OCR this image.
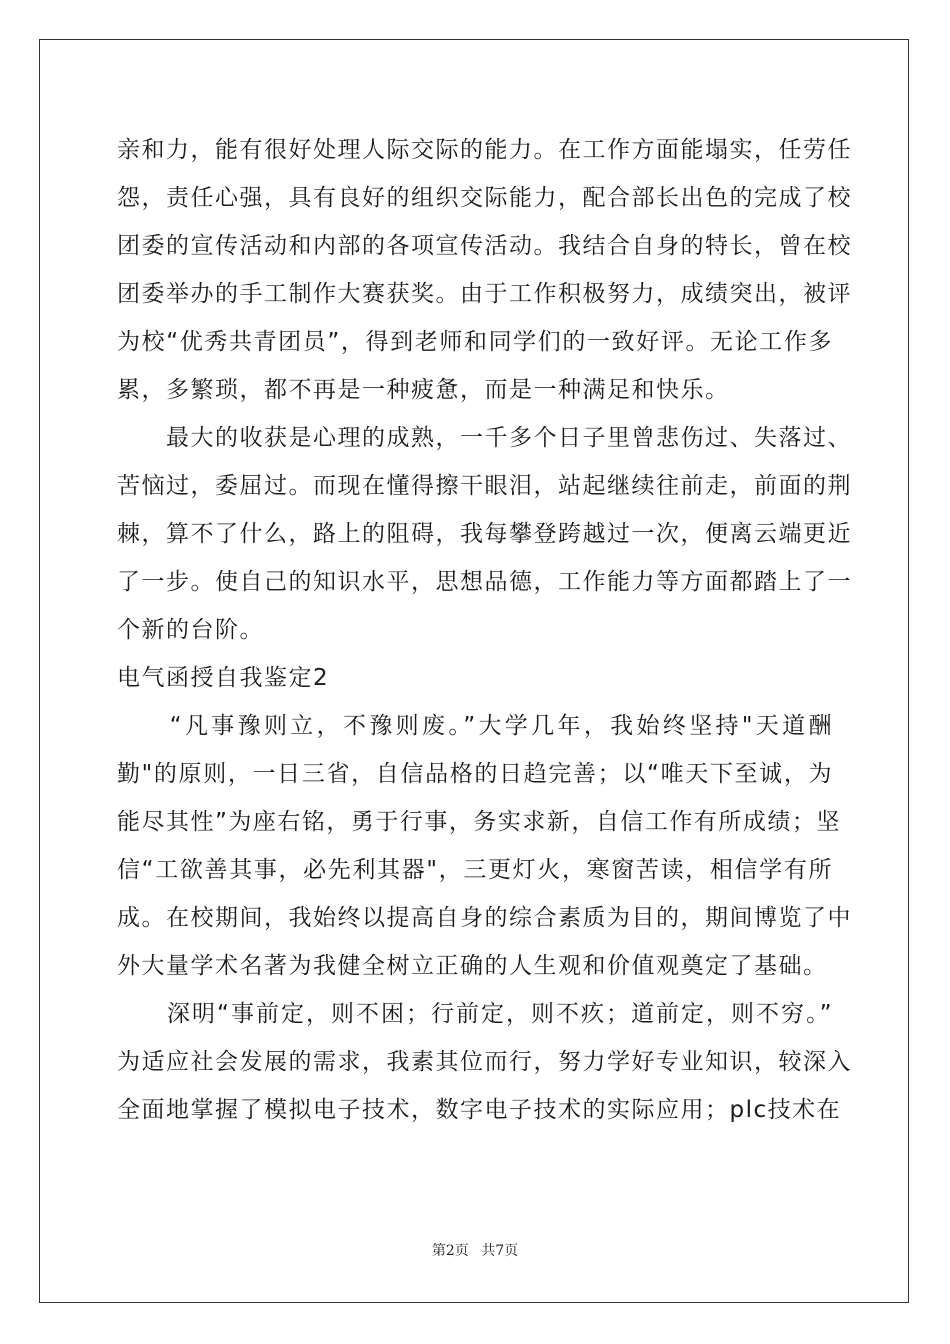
亲和力，能有很好处理人际交际的能力。在工作方面能塌实，任劳任
怨，责任心强，具有良好的组织交际能力，配合部长出色的完成了校
团委的宣传活动和内部的各项宣传活动。我结合自身的特长，曾在校
团委举办的手工制作大赛获奖。由于工作积极努力，成绩突出，被评
为校“优秀共青团员”，得到老师和同学们的一致好评。无论工作多
累，多繁琐，都不再是一种疲惫，而是一种满足和快乐。
　　最大的收获是心理的成熟，一千多个日子里曾悲伤过、失落过、
苦恼过，委屈过。而现在懂得擦干眼泪，站起继续往前走，前面的荆
棘，算不了什么，路上的阻碍，我每攀登跨越过一次，便离云端更近
了一步。使自己的知识水平，思想品德，工作能力等方面都踏上了一
个新的台阶。
电气函授自我鉴定2
　　“凡事豫则立，不豫则废。”大学几年，我始终坚持"天道酬
勤"的原则，一日三省，自信品格的日趋完善；以“唯天下至诚，为
能尽其性”为座右铭，勇于行事，务实求新，自信工作有所成绩；坚
信“工欲善其事，必先利其器"，三更灯火，寒窗苦读，相信学有所
成。在校期间，我始终以提高自身的综合素质为目的，期间博览了中
外大量学术名著为我健全树立正确的人生观和价值观奠定了基础。
　　深明“事前定，则不困；行前定，则不疚；道前定，则不穷。”
为适应社会发展的需求，我素其位而行，努力学好专业知识，较深入
全面地掌握了模拟电子技术，数字电子技术的实际应用；plc技术在
第2页 共7页
